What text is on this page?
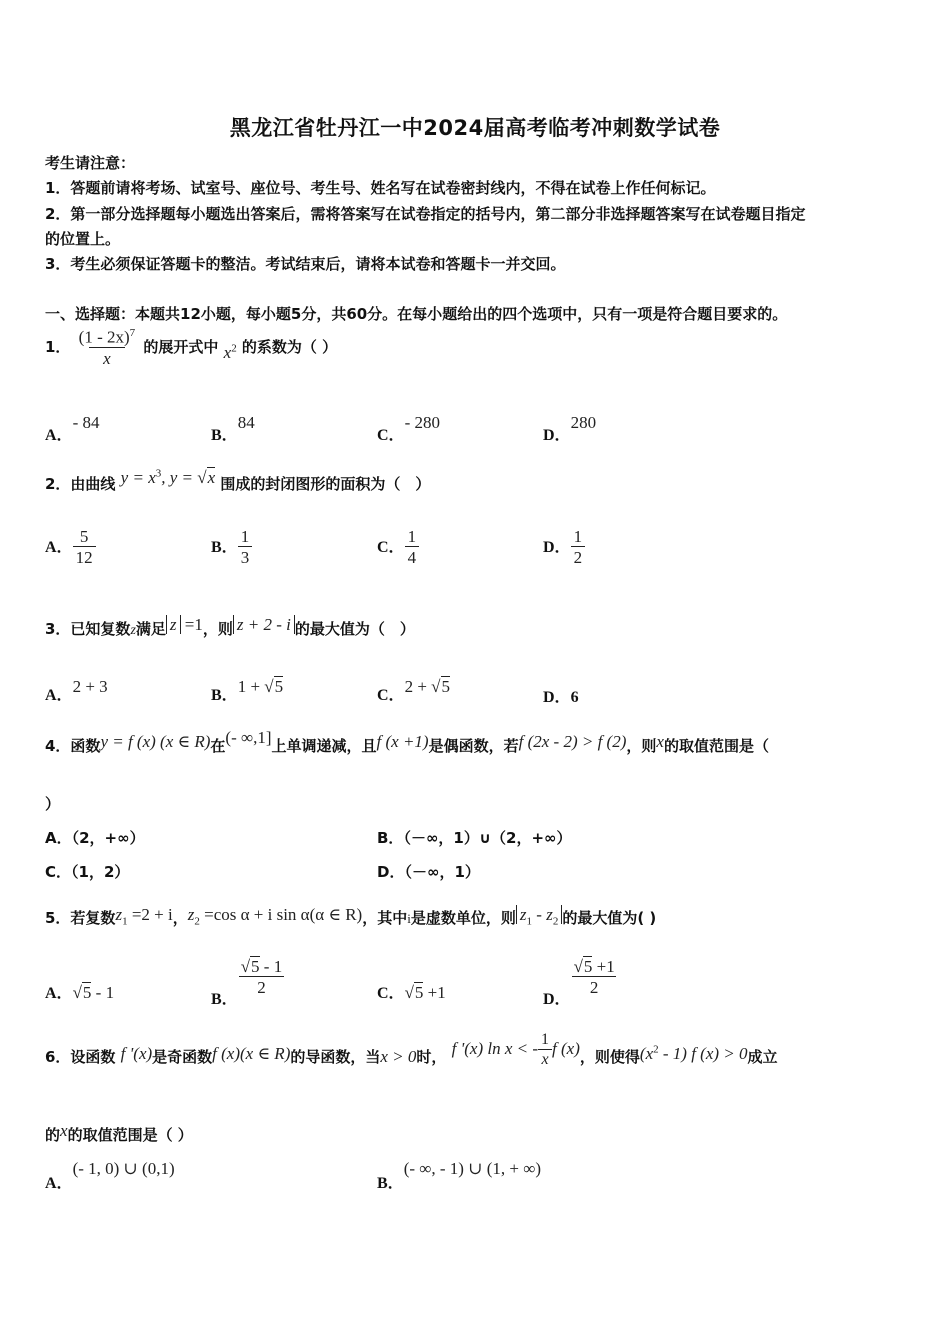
黑龙江省牡丹江一中2024届高考临考冲刺数学试卷
考生请注意：
1．答题前请将考场、试室号、座位号、考生号、姓名写在试卷密封线内，不得在试卷上作任何标记。
2．第一部分选择题每小题选出答案后，需将答案写在试卷指定的括号内，第二部分非选择题答案写在试卷题目指定
的位置上。
3．考生必须保证答题卡的整洁。考试结束后，请将本试卷和答题卡一并交回。
一、选择题：本题共12小题，每小题5分，共60分。在每小题给出的四个选项中，只有一项是符合题目要求的。
1． $\frac{(1 - 2x)^7}{x}$ 的展开式中 $x^2$ 的系数为（ ）
A．- 84
B．84
C．- 280
D．280
2．由曲线 $y = x^3$, y = √x 围成的封闭图形的面积为（　）
A． $\frac{5}{12}$	B． $\frac{1}{3}$	C． $\frac{1}{4}$	D． $\frac{1}{2}$
3．已知复数z满足 z =1，则 z + 2 - i 的最大值为（　）
A．2 + 3	B．1 + √5	C．2 + √5
D．6
4．函数y = f (x) (x ∈ R)在(- ∞,1]上单调递减，且f (x +1)是偶函数，若f (2x - 2) > f (2)，则x的取值范围是（
）
A．（2，+∞）	B．（－∞，1）∪（2，+∞）
C．（1，2）	D．（－∞，1）
5．若复数$z_1 =2 + i$，$z_2 =\cos$ α + i sin α(α ∈ R)，其中i是虚数单位，则 $z_1 - z_2$ 的最大值为( )
A．√5 - 1	B．
$\frac{√5 - 1}{2}$	C．√5 +1	D．
$\frac{√5 +1}{2}$
6．设函数 f '(x)是奇函数f (x)(x ∈ R)的导函数，当x > 0时， f '(x) ln x < - $\frac{1}{x}$ f (x)，则使得$(x^2 - 1)$ f (x) > 0成立
的x的取值范围是（ ）
A．(- 1, 0) ∪ (0,1)
B．(- ∞, - 1) ∪ (1, + ∞)
